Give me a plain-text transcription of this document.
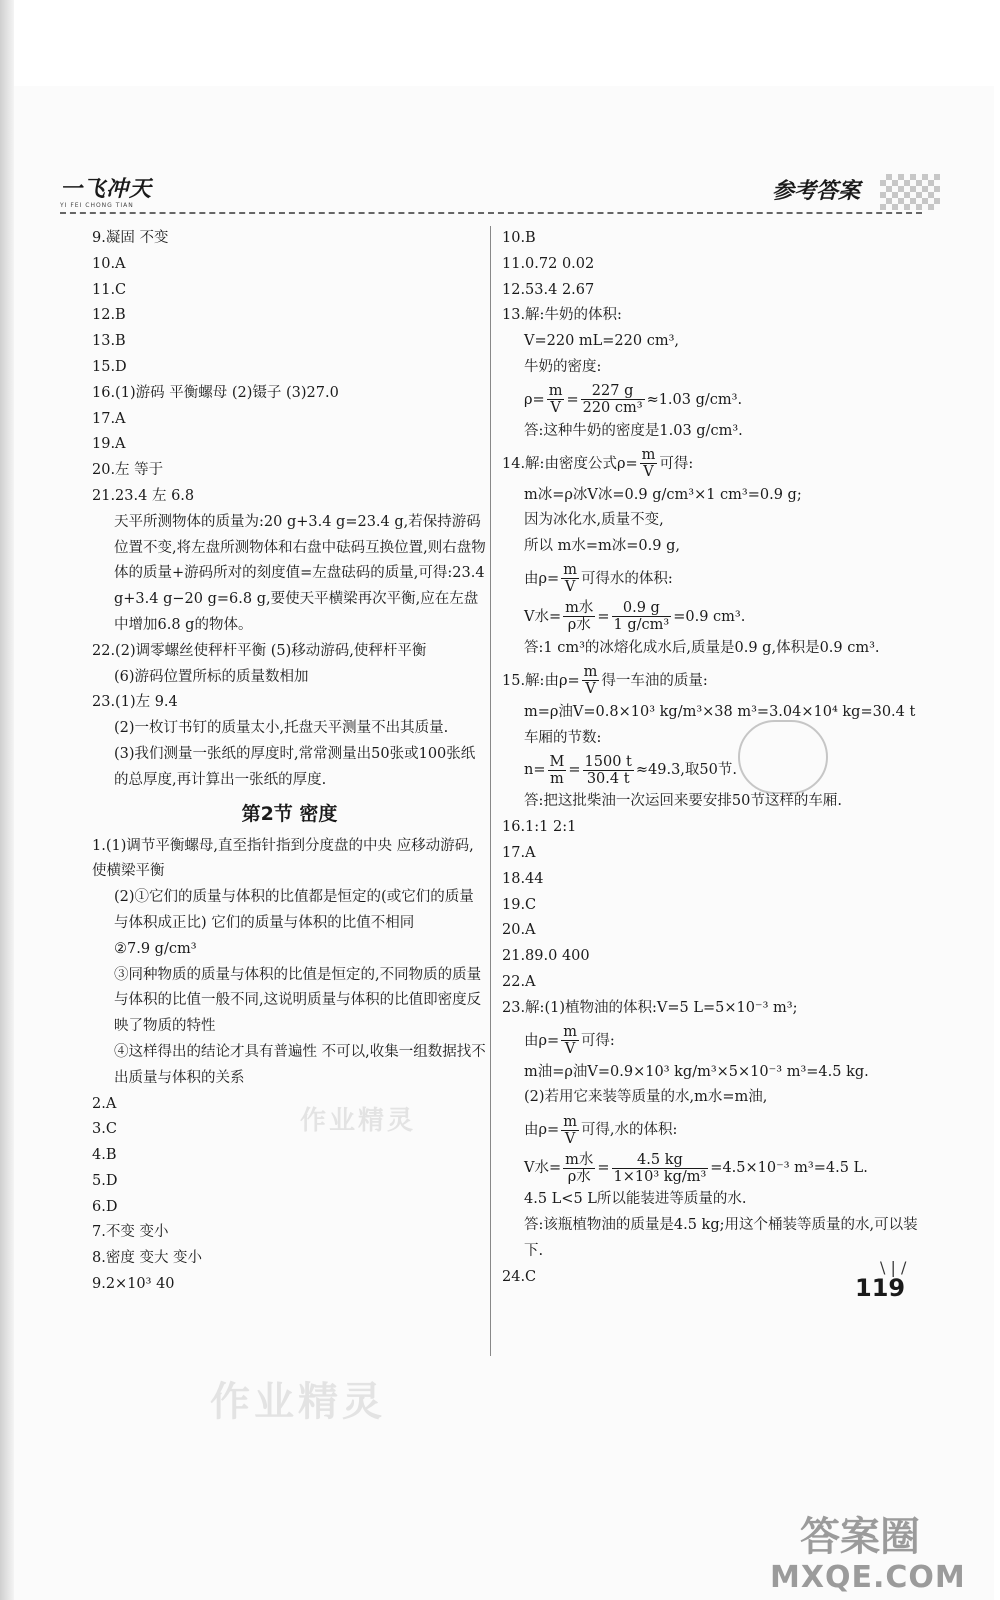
一飞冲天
YI FEI CHONG TIAN
参考答案
9.凝固 不变
10.A
11.C
12.B
13.B
15.D
16.(1)游码 平衡螺母 (2)镊子 (3)27.0
17.A
19.A
20.左 等于
21.23.4 左 6.8
天平所测物体的质量为:20 g+3.4 g=23.4 g,若保持游码位置不变,将左盘所测物体和右盘中砝码互换位置,则右盘物体的质量+游码所对的刻度值=左盘砝码的质量,可得:23.4 g+3.4 g−20 g=6.8 g,要使天平横梁再次平衡,应在左盘中增加6.8 g的物体。
22.(2)调零螺丝使秤杆平衡 (5)移动游码,使秤杆平衡
(6)游码位置所标的质量数相加
23.(1)左 9.4
(2)一枚订书钉的质量太小,托盘天平测量不出其质量.
(3)我们测量一张纸的厚度时,常常测量出50张或100张纸的总厚度,再计算出一张纸的厚度.
第2节 密度
1.(1)调节平衡螺母,直至指针指到分度盘的中央 应移动游码,使横梁平衡
(2)①它们的质量与体积的比值都是恒定的(或它们的质量与体积成正比) 它们的质量与体积的比值不相同
②7.9 g/cm³
③同种物质的质量与体积的比值是恒定的,不同物质的质量与体积的比值一般不同,这说明质量与体积的比值即密度反映了物质的特性
④这样得出的结论才具有普遍性 不可以,收集一组数据找不出质量与体积的关系
2.A
3.C
4.B
5.D
6.D
7.不变 变小
8.密度 变大 变小
9.2×10³ 40
10.B
11.0.72 0.02
12.53.4 2.67
13.解:牛奶的体积:
V=220 mL=220 cm³,
牛奶的密度:
$\rho= \frac{m}{V} = \frac{227 g}{\text{220 cm³}} \approx 1.03$ g/cm³.
答:这种牛奶的密度是1.03 g/cm³.
14.解:由密度公式$\rho= \frac{m}{V}$ 可得:
m冰=ρ冰V冰=0.9 g/cm³×1 cm³=0.9 g;
因为冰化水,质量不变,
所以 m水=m冰=0.9 g,
由$\rho= \frac{m}{V}$ 可得水的体积:
V水= $\frac{\text{m水}}{\text{ρ水}} = \frac{0.9 g}{\text{1 g/cm³}} =0.9$ cm³.
答:1 cm³的冰熔化成水后,质量是0.9 g,体积是0.9 cm³.
15.解:由$\rho= \frac{m}{V}$ 得一车油的质量:
m=ρ油V=0.8×10³ kg/m³×38 m³=3.04×10⁴ kg=30.4 t
车厢的节数:
$n= \frac{M}{m} = \frac{1500 t}{30.4 t} \approx 49.3$,取50节.
答:把这批柴油一次运回来要安排50节这样的车厢.
16.1:1 2:1
17.A
18.44
19.C
20.A
21.89.0 400
22.A
23.解:(1)植物油的体积:V=5 L=5×10⁻³ m³;
由$\rho= \frac{m}{V}$ 可得:
m油=ρ油V=0.9×10³ kg/m³×5×10⁻³ m³=4.5 kg.
(2)若用它来装等质量的水,m水=m油,
由$\rho= \frac{m}{V}$ 可得,水的体积:
V水= $\frac{\text{m水}}{\text{ρ水}} = \frac{4.5 kg}{\text{1×10³ kg/m³}} =4.5\times 10^{-3}$ m³=4.5 L.
4.5 L<5 L所以能装进等质量的水.
答:该瓶植物油的质量是4.5 kg;用这个桶装等质量的水,可以装下.
24.C	\ | /
119
作业精灵
作业精灵
答案圈
MXQE.COM
